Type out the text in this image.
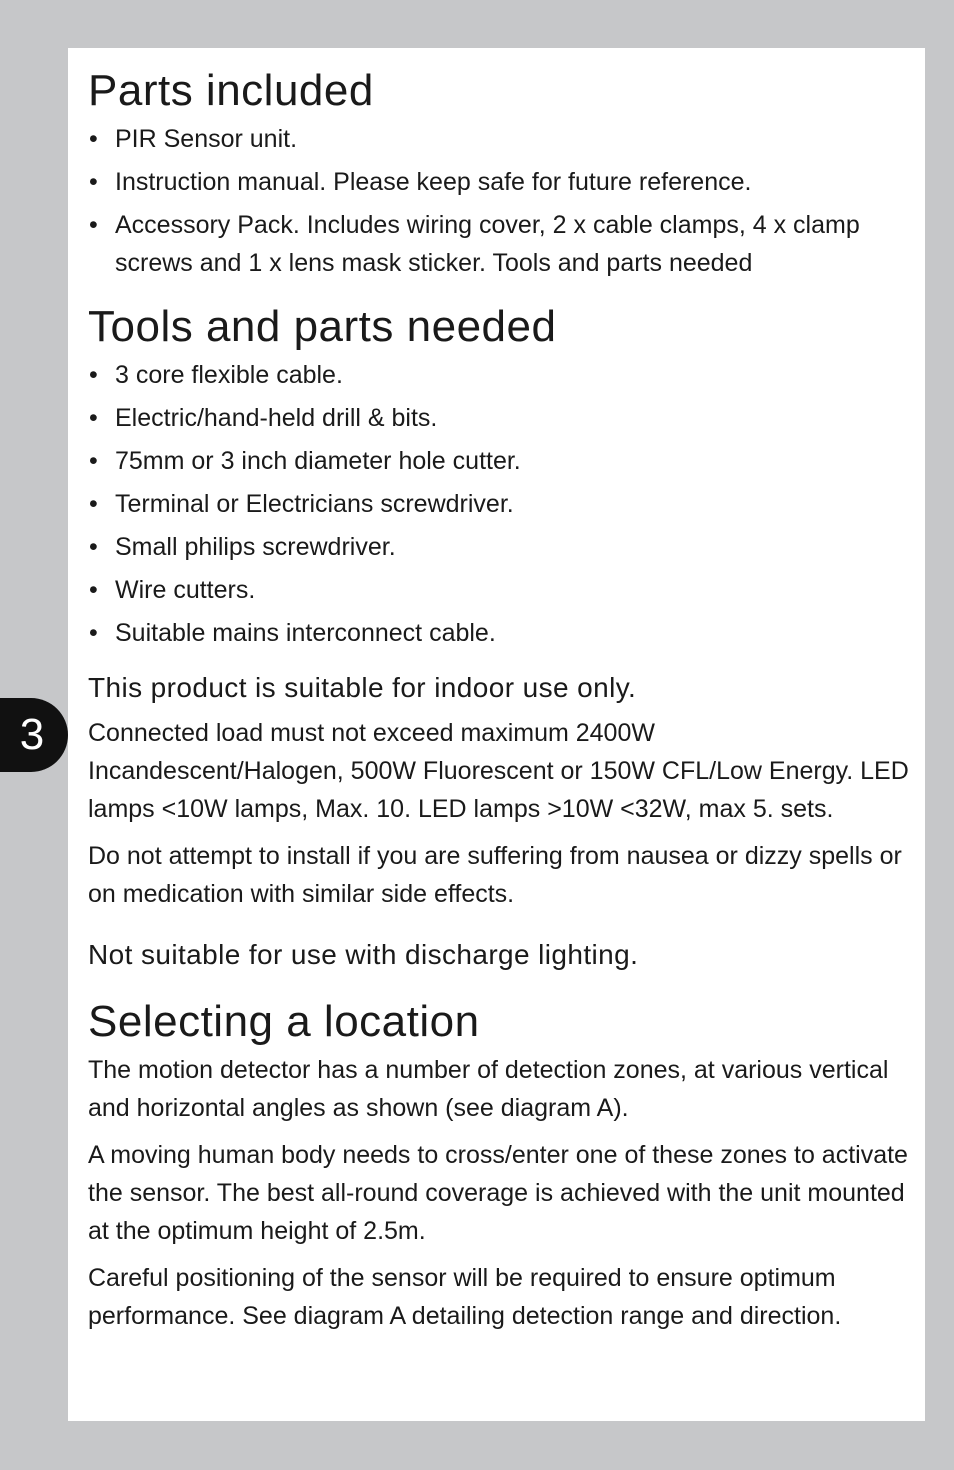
Parts included
• PIR Sensor unit.
• Instruction manual. Please keep safe for future reference.
• Accessory Pack. Includes wiring cover, 2 x cable clamps, 4 x clamp screws and 1 x lens mask sticker. Tools and parts needed
Tools and parts needed
• 3 core flexible cable.
• Electric/hand-held drill & bits.
• 75mm or 3 inch diameter hole cutter.
• Terminal or Electricians screwdriver.
• Small philips screwdriver.
• Wire cutters.
• Suitable mains interconnect cable.
This product is suitable for indoor use only.

Connected load must not exceed maximum 2400W Incandescent/Halogen, 500W Fluorescent or 150W CFL/Low Energy. LED lamps <10W lamps, Max. 10. LED lamps >10W <32W, max 5. sets.

Do not attempt to install if you are suffering from nausea or dizzy spells or on medication with similar side effects.

Not suitable for use with discharge lighting.
Selecting a location

The motion detector has a number of detection zones, at various vertical and horizontal angles as shown (see diagram A).

A moving human body needs to cross/enter one of these zones to activate the sensor. The best all-round coverage is achieved with the unit mounted at the optimum height of 2.5m.

Careful positioning of the sensor will be required to ensure optimum performance. See diagram A detailing detection range and direction.

3
